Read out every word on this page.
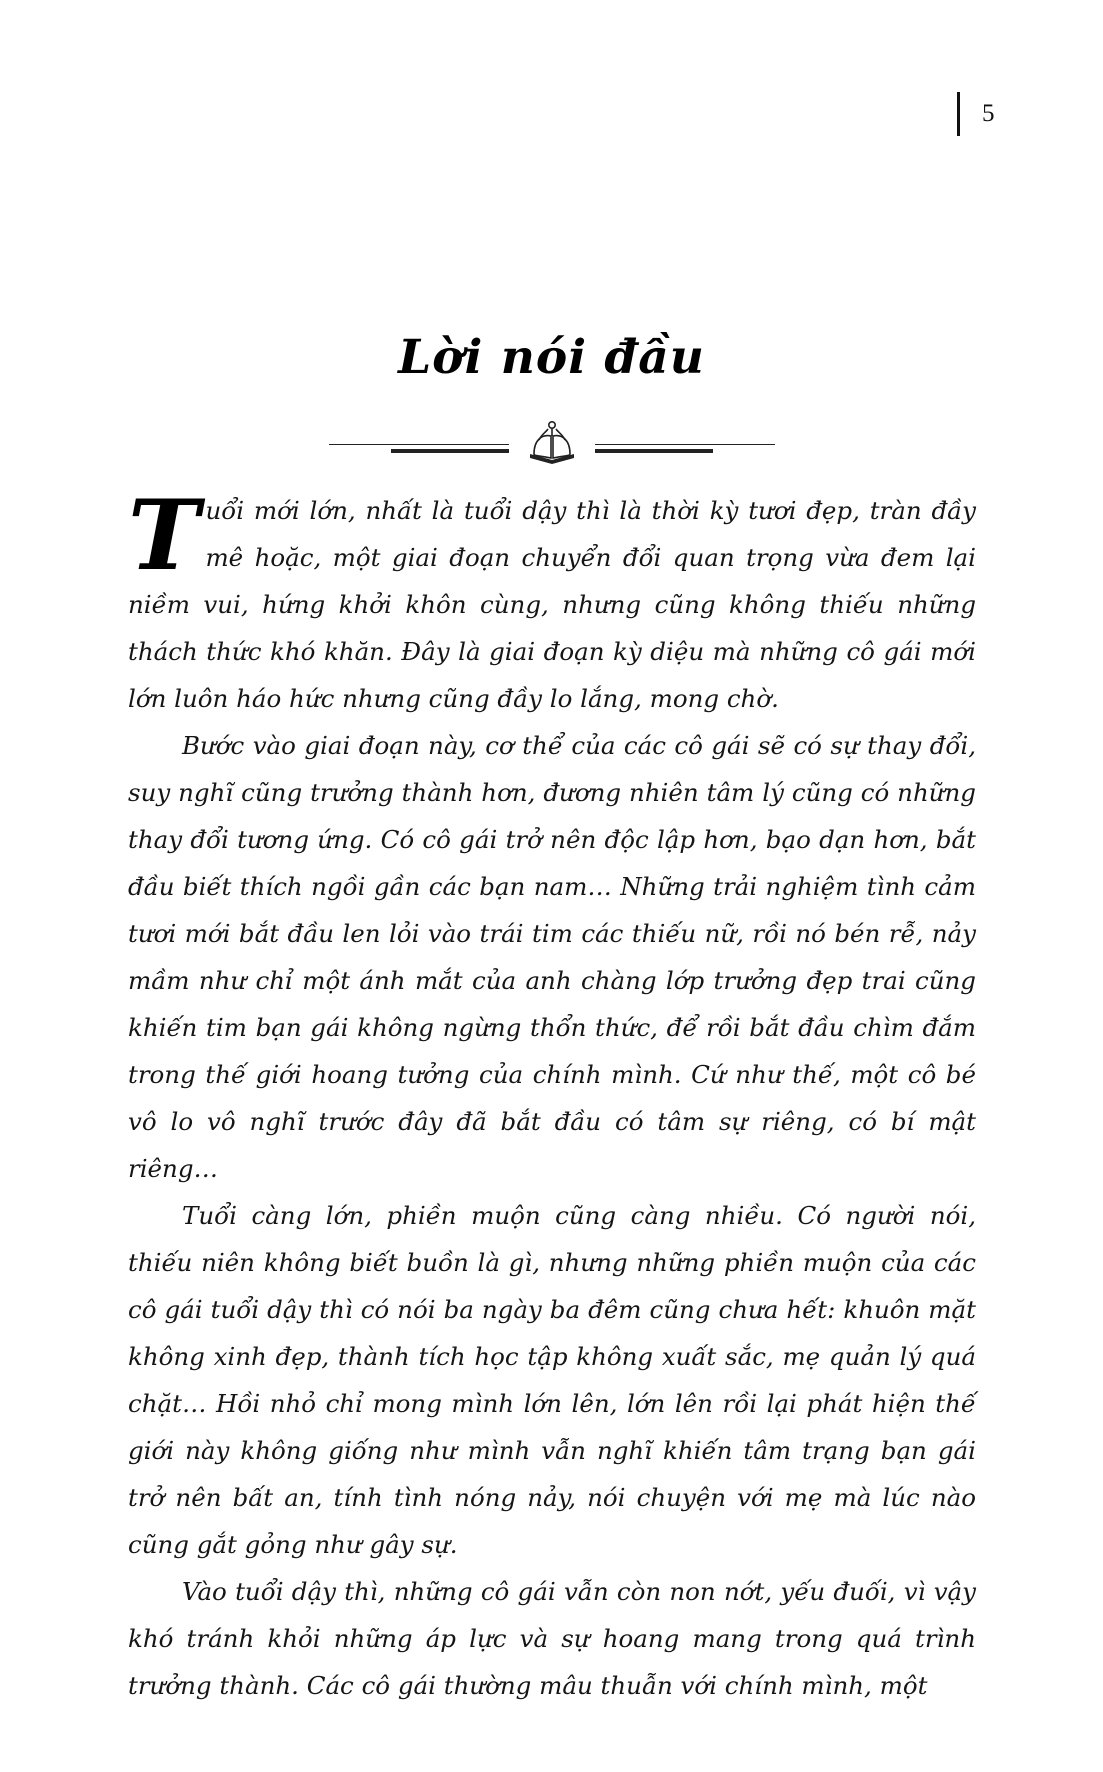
5
Lời nói đầu

Tuổi mới lớn, nhất là tuổi dậy thì là thời kỳ tươi đẹp, tràn đầy mê hoặc, một giai đoạn chuyển đổi quan trọng vừa đem lại niềm vui, hứng khởi khôn cùng, nhưng cũng không thiếu những thách thức khó khăn. Đây là giai đoạn kỳ diệu mà những cô gái mới lớn luôn háo hức nhưng cũng đầy lo lắng, mong chờ.

Bước vào giai đoạn này, cơ thể của các cô gái sẽ có sự thay đổi, suy nghĩ cũng trưởng thành hơn, đương nhiên tâm lý cũng có những thay đổi tương ứng. Có cô gái trở nên độc lập hơn, bạo dạn hơn, bắt đầu biết thích ngồi gần các bạn nam… Những trải nghiệm tình cảm tươi mới bắt đầu len lỏi vào trái tim các thiếu nữ, rồi nó bén rễ, nảy mầm như chỉ một ánh mắt của anh chàng lớp trưởng đẹp trai cũng khiến tim bạn gái không ngừng thổn thức, để rồi bắt đầu chìm đắm trong thế giới hoang tưởng của chính mình. Cứ như thế, một cô bé vô lo vô nghĩ trước đây đã bắt đầu có tâm sự riêng, có bí mật riêng…

Tuổi càng lớn, phiền muộn cũng càng nhiều. Có người nói, thiếu niên không biết buồn là gì, nhưng những phiền muộn của các cô gái tuổi dậy thì có nói ba ngày ba đêm cũng chưa hết: khuôn mặt không xinh đẹp, thành tích học tập không xuất sắc, mẹ quản lý quá chặt… Hồi nhỏ chỉ mong mình lớn lên, lớn lên rồi lại phát hiện thế giới này không giống như mình vẫn nghĩ khiến tâm trạng bạn gái trở nên bất an, tính tình nóng nảy, nói chuyện với mẹ mà lúc nào cũng gắt gỏng như gây sự.

Vào tuổi dậy thì, những cô gái vẫn còn non nớt, yếu đuối, vì vậy khó tránh khỏi những áp lực và sự hoang mang trong quá trình trưởng thành. Các cô gái thường mâu thuẫn với chính mình, một
